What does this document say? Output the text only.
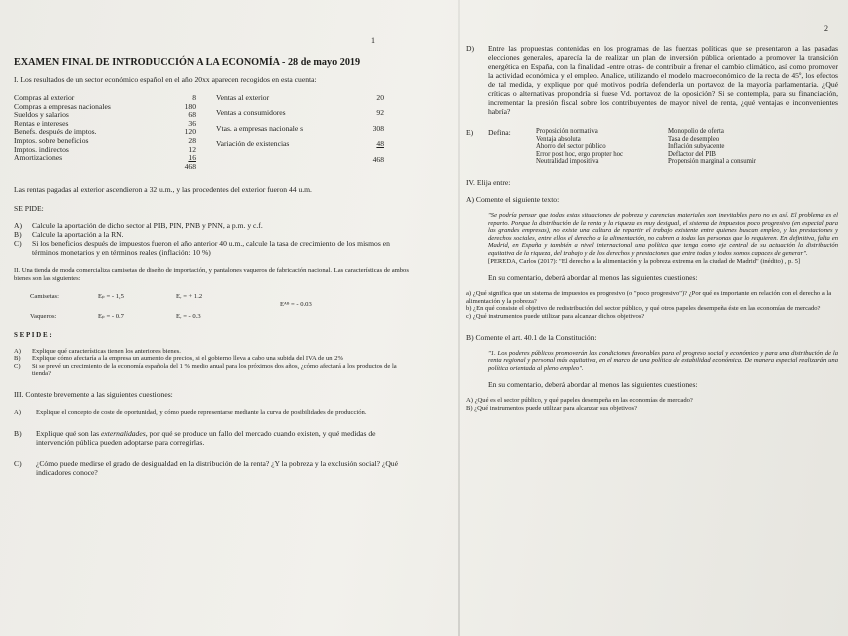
1
EXAMEN FINAL DE INTRODUCCIÓN A LA ECONOMÍA - 28 de mayo 2019
I. Los resultados de un sector económico español en el año 20xx aparecen recogidos en esta cuenta:
Compras al exterior	8
Compras a empresas nacionales	180
Sueldos y salarios	68
Rentas e intereses	36
Benefs. después de imptos.	120
Imptos. sobre beneficios	28
Imptos. indirectos	12
Amortizaciones	16
	468
Ventas al exterior	20
Ventas a consumidores	92
Vtas. a empresas nacionale s	308
Variación de existencias	48
	468
Las rentas pagadas al exterior ascendieron a 32 u.m., y las procedentes del exterior fueron 44 u.m.
SE PIDE:
A)	Calcule la aportación de dicho sector al PIB, PIN, PNB y PNN, a p.m. y c.f.
B)	Calcule la aportación a la RN.
C)	Si los beneficios después de impuestos fueron el año anterior 40 u.m., calcule la tasa de crecimiento de los mismos en términos monetarios y en términos reales (inflación: 10 %)
II. Una tienda de moda comercializa camisetas de diseño de importación, y pantalones vaqueros de fabricación nacional. Las características de ambos bienes son las siguientes:
Camisetas:	Eₚ = - 1,5	Eᵣ = + 1.2
Eᴬᴮ = - 0.03
Vaqueros:	Eₚ = - 0.7	Eᵣ = - 0.3
S E P I D E :
A)	Explique qué características tienen los anteriores bienes.
B)	Explique cómo afectaría a la empresa un aumento de precios, si el gobierno lleva a cabo una subida del IVA de un 2%
C)	Si se prevé un crecimiento de la economía española del 1 % medio anual para los próximos dos años, ¿cómo afectará a los productos de la tienda?
III. Conteste brevemente a las siguientes cuestiones:
A)	Explique el concepto de coste de oportunidad, y cómo puede representarse mediante la curva de posibilidades de producción.
B)	Explique qué son las externalidades, por qué se produce un fallo del mercado cuando existen, y qué medidas de intervención pública pueden adoptarse para corregirlas.
C)	¿Cómo puede medirse el grado de desigualdad en la distribución de la renta? ¿Y la pobreza y la exclusión social? ¿Qué indicadores conoce?
2
D)	Entre las propuestas contenidas en los programas de las fuerzas políticas que se presentaron a las pasadas elecciones generales, aparecía la de realizar un plan de inversión pública orientado a promover la transición energética en España, con la finalidad -entre otras- de contribuir a frenar el cambio climático, así como promover la actividad económica y el empleo. Analice, utilizando el modelo macroeconómico de la recta de 45º, los efectos de tal medida, y explique por qué motivos podría defenderla un portavoz de la mayoría parlamentaria. ¿Qué críticas o alternativas propondría si fuese Vd. portavoz de la oposición? Si se contempla, para su financiación, incrementar la presión fiscal sobre los contribuyentes de mayor nivel de renta, ¿qué ventajas e inconvenientes habría?
E)	Defina:	Proposición normativa
Ventaja absoluta
Ahorro del sector público
Error post hoc, ergo propter hoc
Neutralidad impositiva
Monopolio de oferta
Tasa de desempleo
Inflación subyacente
Deflactor del PIB
Propensión marginal a consumir
IV. Elija entre:
A) Comente el siguiente texto:
"Se podría pensar que todas estas situaciones de pobreza y carencias materiales son inevitables pero no es así. El problema es el reparto. Porque la distribución de la renta y la riqueza es muy desigual, el sistema de impuestos poco progresivo (en especial para las grandes empresas), no existe una cultura de repartir el trabajo existente entre quienes buscan empleo, y las prestaciones y derechos sociales, entre ellos el derecho a la alimentación, no cubren a todas las personas que lo requieren. En definitiva, falta en Madrid, en España y también a nivel internacional una política que tenga como eje central de su actuación la distribución equitativa de la riqueza, del trabajo y de los derechos y prestaciones que entre todas y todos somos capaces de generar".
[PEREDA, Carlos (2017): "El derecho a la alimentación y la pobreza extrema en la ciudad de Madrid" (inédito) , p. 5]
En su comentario, deberá abordar al menos las siguientes cuestiones:
a) ¿Qué significa que un sistema de impuestos es progresivo (o "poco progresivo")? ¿Por qué es importante en relación con el derecho a la alimentación y la pobreza?
b) ¿En qué consiste el objetivo de redistribución del sector público, y qué otros papeles desempeña éste en las economías de mercado?
c) ¿Qué instrumentos puede utilizar para alcanzar dichos objetivos?
B) Comente el art. 40.1 de la Constitución:
"1. Los poderes públicos promoverán las condiciones favorables para el progreso social y económico y para una distribución de la renta regional y personal más equitativa, en el marco de una política de estabilidad económica. De manera especial realizarán una política orientada al pleno empleo".
En su comentario, deberá abordar al menos las siguientes cuestiones:
A) ¿Qué es el sector público, y qué papeles desempeña en las economías de mercado?
B) ¿Qué instrumentos puede utilizar para alcanzar sus objetivos?
